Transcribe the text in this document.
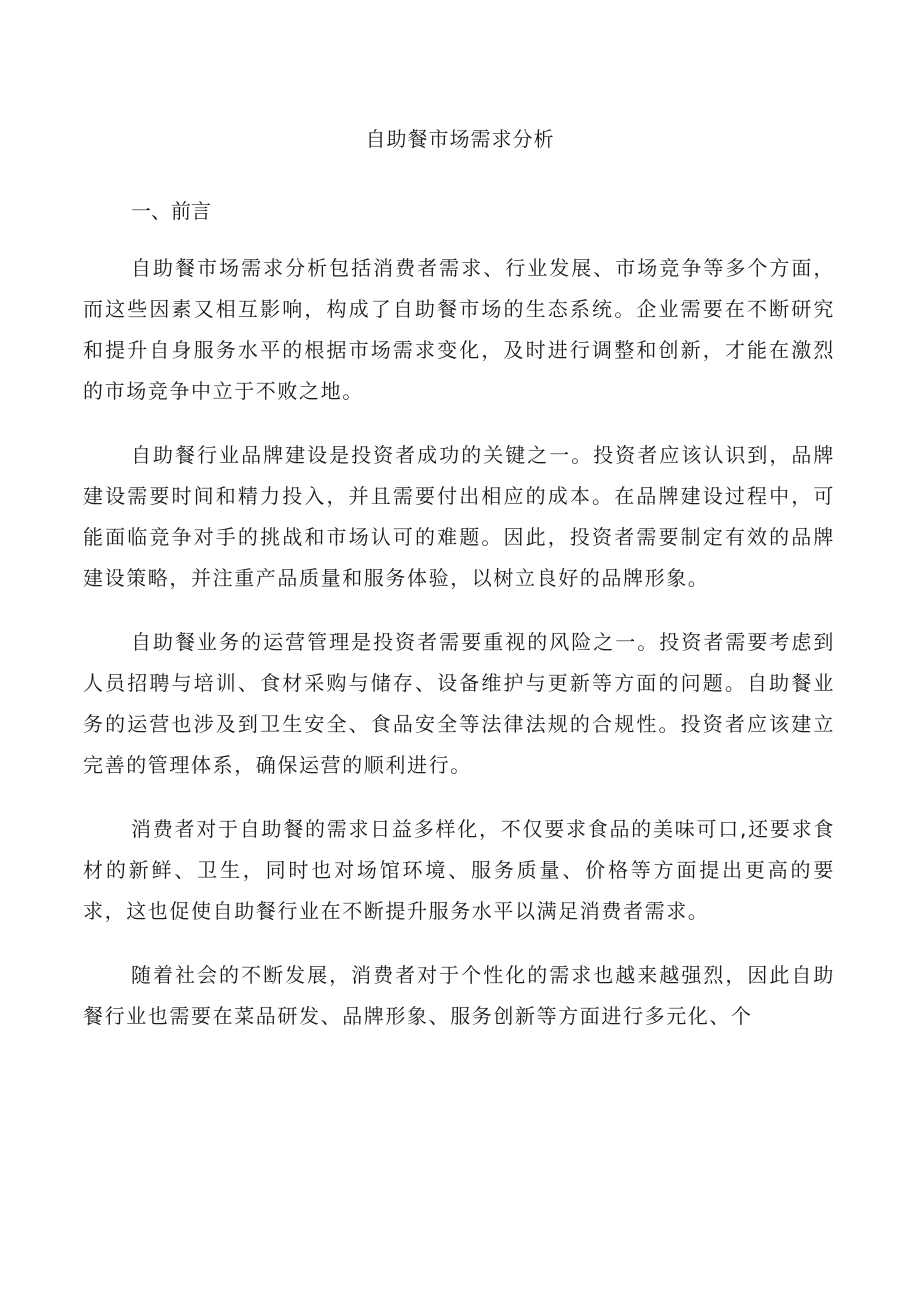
自助餐市场需求分析
一、前言

自助餐市场需求分析包括消费者需求、行业发展、市场竞争等多个方面，而这些因素又相互影响，构成了自助餐市场的生态系统。企业需要在不断研究和提升自身服务水平的根据市场需求变化，及时进行调整和创新，才能在激烈的市场竞争中立于不败之地。

自助餐行业品牌建设是投资者成功的关键之一。投资者应该认识到，品牌建设需要时间和精力投入，并且需要付出相应的成本。在品牌建设过程中，可能面临竞争对手的挑战和市场认可的难题。因此，投资者需要制定有效的品牌建设策略，并注重产品质量和服务体验，以树立良好的品牌形象。

自助餐业务的运营管理是投资者需要重视的风险之一。投资者需要考虑到人员招聘与培训、食材采购与储存、设备维护与更新等方面的问题。自助餐业务的运营也涉及到卫生安全、食品安全等法律法规的合规性。投资者应该建立完善的管理体系，确保运营的顺利进行。

消费者对于自助餐的需求日益多样化，不仅要求食品的美味可口,还要求食材的新鲜、卫生，同时也对场馆环境、服务质量、价格等方面提出更高的要求，这也促使自助餐行业在不断提升服务水平以满足消费者需求。

随着社会的不断发展，消费者对于个性化的需求也越来越强烈，因此自助餐行业也需要在菜品研发、品牌形象、服务创新等方面进行多元化、个
